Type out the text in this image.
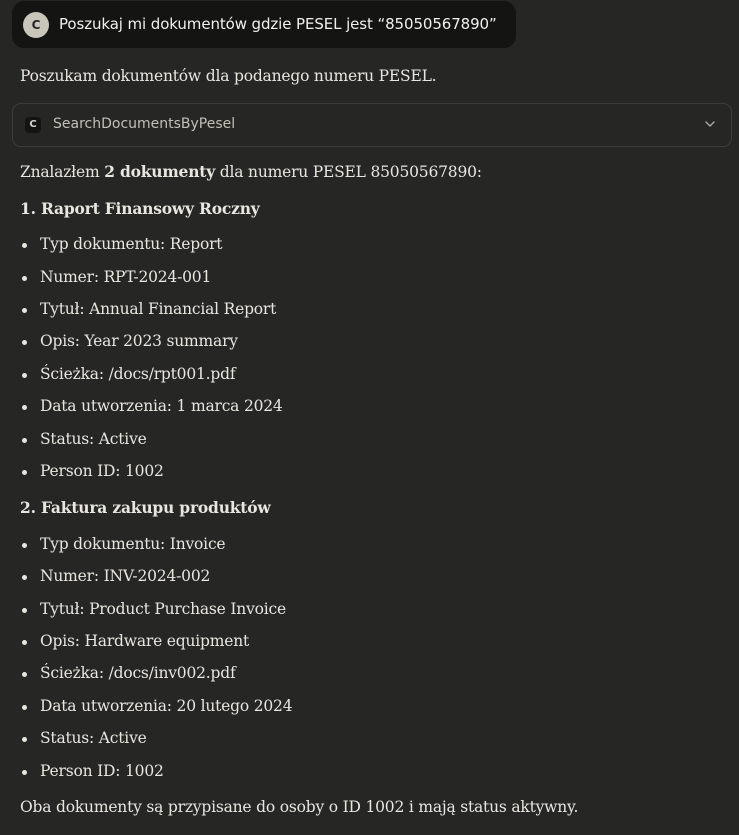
C	Poszukaj mi dokumentów gdzie PESEL jest “85050567890”
Poszukam dokumentów dla podanego numeru PESEL.
C	SearchDocumentsByPesel
Znalazłem 2 dokumenty dla numeru PESEL 85050567890:
1. Raport Finansowy Roczny
Typ dokumentu: Report
Numer: RPT-2024-001
Tytuł: Annual Financial Report
Opis: Year 2023 summary
Ścieżka: /docs/rpt001.pdf
Data utworzenia: 1 marca 2024
Status: Active
Person ID: 1002
2. Faktura zakupu produktów
Typ dokumentu: Invoice
Numer: INV-2024-002
Tytuł: Product Purchase Invoice
Opis: Hardware equipment
Ścieżka: /docs/inv002.pdf
Data utworzenia: 20 lutego 2024
Status: Active
Person ID: 1002
Oba dokumenty są przypisane do osoby o ID 1002 i mają status aktywny.
